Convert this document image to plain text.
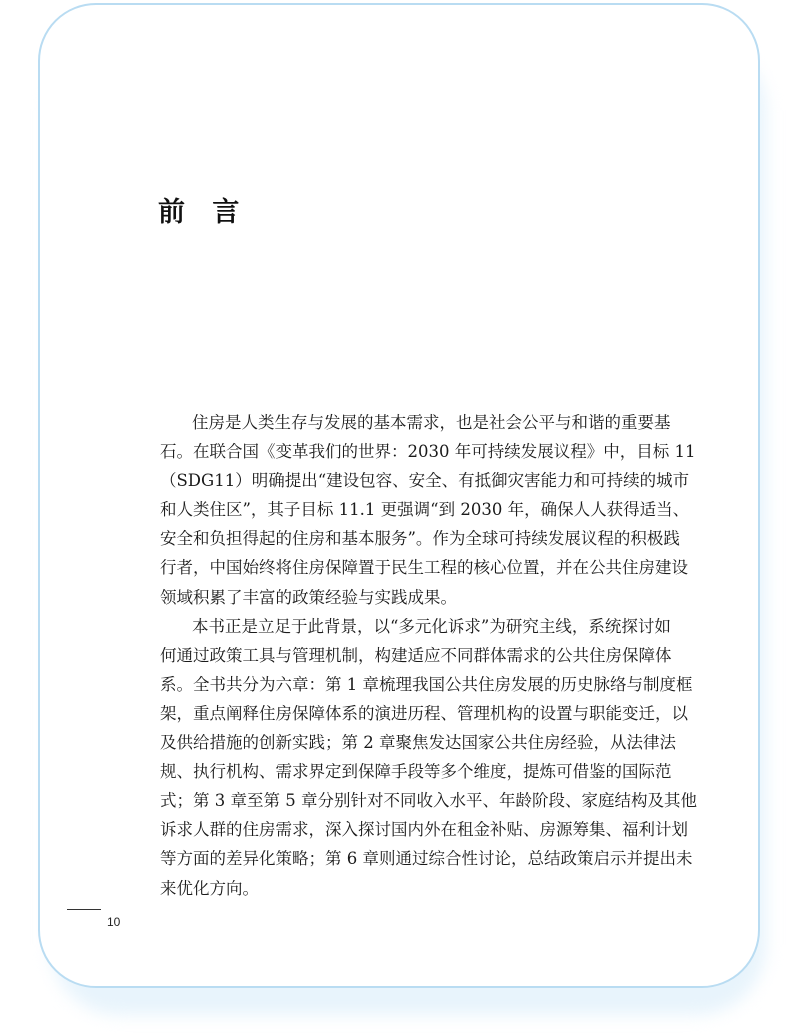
前 言
住房是人类生存与发展的基本需求，也是社会公平与和谐的重要基
石。在联合国《变革我们的世界：2030 年可持续发展议程》中，目标 11
（SDG11）明确提出“建设包容、安全、有抵御灾害能力和可持续的城市
和人类住区”，其子目标 11.1 更强调“到 2030 年，确保人人获得适当、
安全和负担得起的住房和基本服务”。作为全球可持续发展议程的积极践
行者，中国始终将住房保障置于民生工程的核心位置，并在公共住房建设
领域积累了丰富的政策经验与实践成果。
本书正是立足于此背景，以“多元化诉求”为研究主线，系统探讨如
何通过政策工具与管理机制，构建适应不同群体需求的公共住房保障体
系。全书共分为六章：第 1 章梳理我国公共住房发展的历史脉络与制度框
架，重点阐释住房保障体系的演进历程、管理机构的设置与职能变迁，以
及供给措施的创新实践；第 2 章聚焦发达国家公共住房经验，从法律法
规、执行机构、需求界定到保障手段等多个维度，提炼可借鉴的国际范
式；第 3 章至第 5 章分别针对不同收入水平、年龄阶段、家庭结构及其他
诉求人群的住房需求，深入探讨国内外在租金补贴、房源筹集、福利计划
等方面的差异化策略；第 6 章则通过综合性讨论，总结政策启示并提出未
来优化方向。
10
